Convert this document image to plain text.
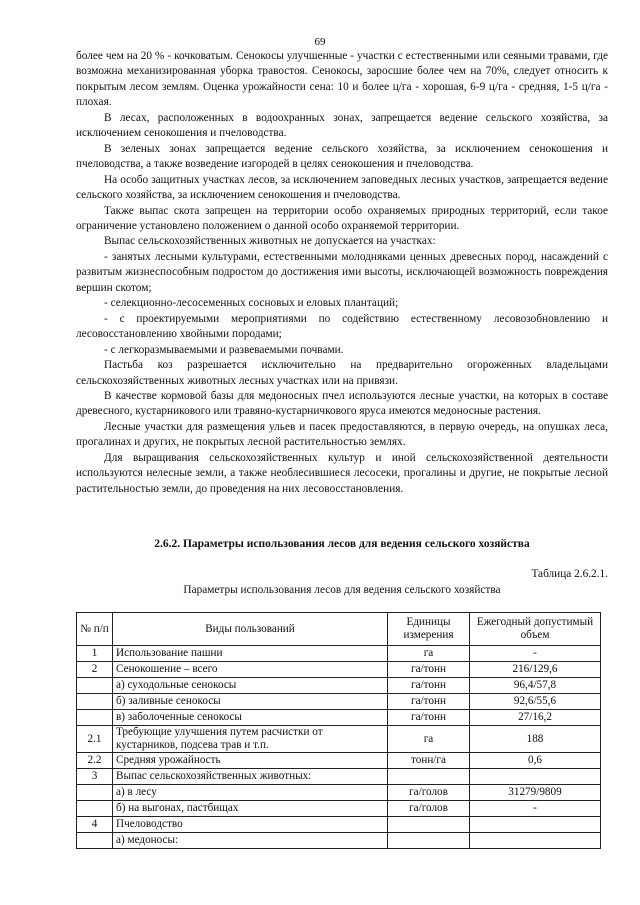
69

более чем на 20 % - кочковатым. Сенокосы улучшенные - участки с естественными или сеяными травами, где возможна механизированная уборка травостоя. Сенокосы, заросшие более чем на 70%, следует относить к покрытым лесом землям. Оценка урожайности сена: 10 и более ц/га - хорошая, 6-9 ц/га - средняя, 1-5 ц/га - плохая.

В лесах, расположенных в водоохранных зонах, запрещается ведение сельского хозяйства, за исключением сенокошения и пчеловодства.

В зеленых зонах запрещается ведение сельского хозяйства, за исключением сенокошения и пчеловодства, а также возведение изгородей в целях сенокошения и пчеловодства.

На особо защитных участках лесов, за исключением заповедных лесных участков, запрещается ведение сельского хозяйства, за исключением сенокошения и пчеловодства.

Также выпас скота запрещен на территории особо охраняемых природных территорий, если такое ограничение установлено положением о данной особо охраняемой территории.

Выпас сельскохозяйственных животных не допускается на участках:

- занятых лесными культурами, естественными молодняками ценных древесных пород, насаждений с развитым жизнеспособным подростом до достижения ими высоты, исключающей возможность повреждения вершин скотом;

- селекционно-лесосеменных сосновых и еловых плантаций;

- с проектируемыми мероприятиями по содействию естественному лесовозобновлению и лесовосстановлению хвойными породами;

- с легкоразмываемыми и развеваемыми почвами.

Пастьба коз разрешается исключительно на предварительно огороженных владельцами сельскохозяйственных животных лесных участках или на привязи.

В качестве кормовой базы для медоносных пчел используются лесные участки, на которых в составе древесного, кустарникового или травяно-кустарничкового яруса имеются медоносные растения.

Лесные участки для размещения ульев и пасек предоставляются, в первую очередь, на опушках леса, прогалинах и других, не покрытых лесной растительностью землях.

Для выращивания сельскохозяйственных культур и иной сельскохозяйственной деятельности используются нелесные земли, а также необлесившиеся лесосеки, прогалины и другие, не покрытые лесной растительностью земли, до проведения на них лесовосстановления.

2.6.2. Параметры использования лесов для ведения сельского хозяйства
Таблица 2.6.2.1.
Параметры использования лесов для ведения сельского хозяйства
№ п/п	Виды пользований	Единицы измерения	Ежегодный допустимый объем
1	Использование пашни	га	-
2	Сенокошение – всего	га/тонн	216/129,6
	а) суходольные сенокосы	га/тонн	96,4/57,8
	б) заливные сенокосы	га/тонн	92,6/55,6
	в) заболоченные сенокосы	га/тонн	27/16,2
2.1	Требующие улучшения путем расчистки от кустарников, подсева трав и т.п.	га	188
2.2	Средняя урожайность	тонн/га	0,6
3	Выпас сельскохозяйственных животных:		
	а) в лесу	га/голов	31279/9809
	б) на выгонах, пастбищах	га/голов	-
4	Пчеловодство		
	а) медоносы:		
